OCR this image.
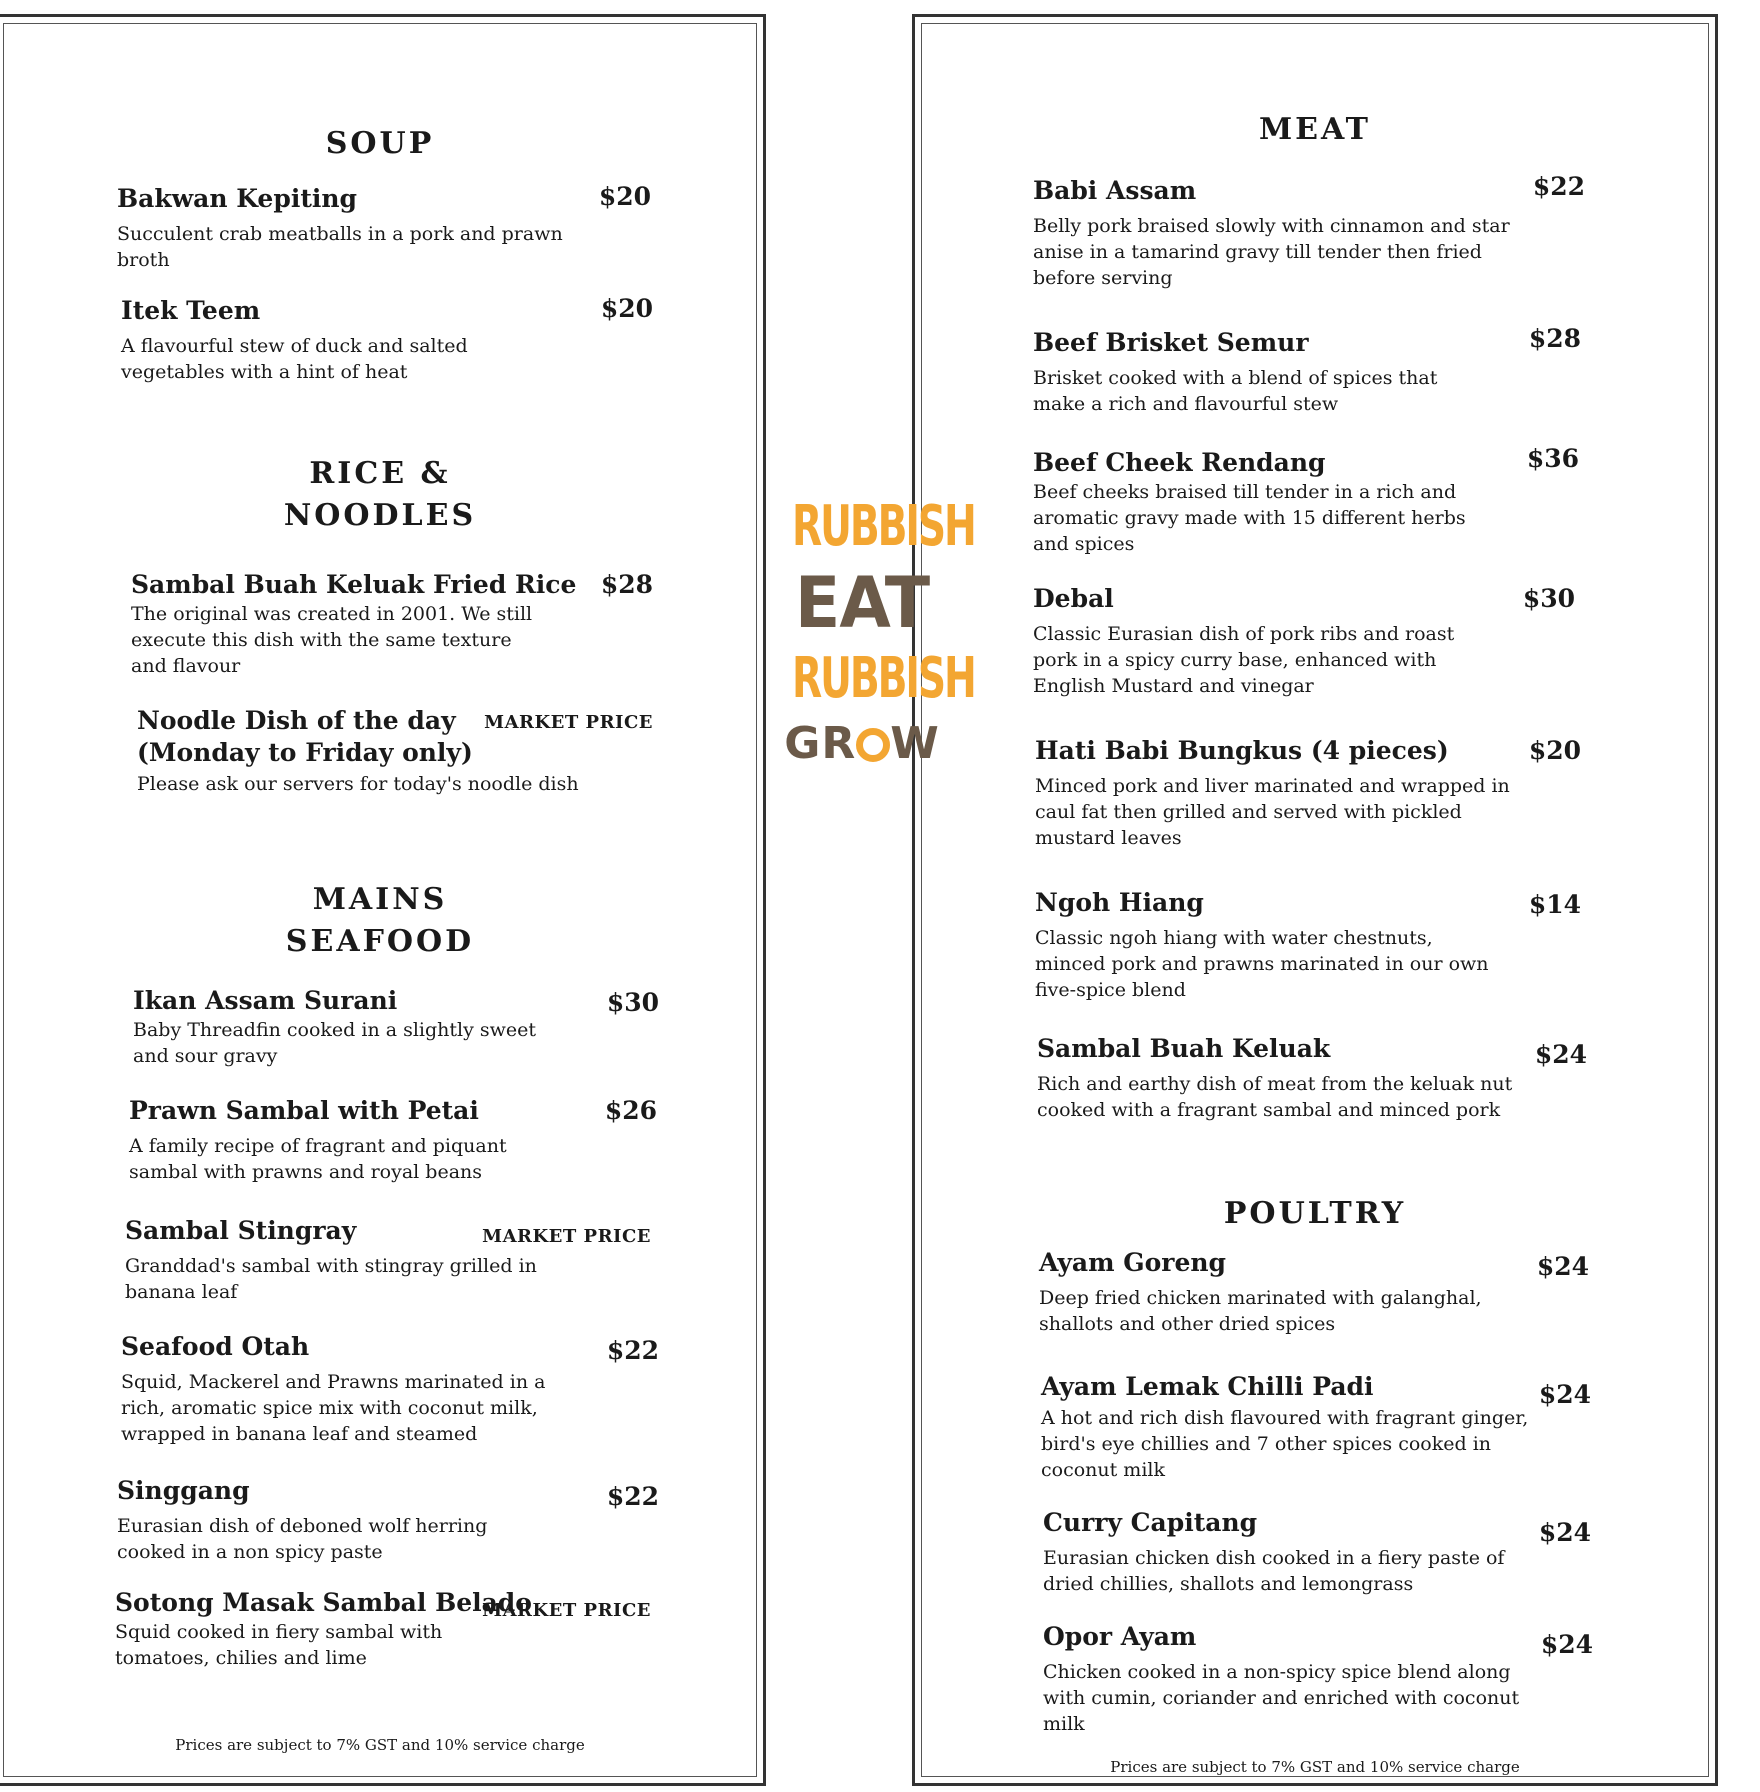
SOUP
Bakwan Kepiting
Succulent crab meatballs in a pork and prawn broth
$20
Itek Teem
A flavourful stew of duck and salted vegetables with a hint of heat
$20
RICE &
NOODLES
Sambal Buah Keluak Fried Rice
The original was created in 2001. We still execute this dish with the same texture and flavour
$28
Noodle Dish of the day
(Monday to Friday only)
Please ask our servers for today's noodle dish
MARKET PRICE
MAINS
SEAFOOD
Ikan Assam Surani
Baby Threadfin cooked in a slightly sweet and sour gravy
$30
Prawn Sambal with Petai
A family recipe of fragrant and piquant sambal with prawns and royal beans
$26
Sambal Stingray
Granddad's sambal with stingray grilled in banana leaf
MARKET PRICE
Seafood Otah
Squid, Mackerel and Prawns marinated in a rich, aromatic spice mix with coconut milk, wrapped in banana leaf and steamed
$22
Singgang
Eurasian dish of deboned wolf herring cooked in a non spicy paste
$22
Sotong Masak Sambal Belado
Squid cooked in fiery sambal with tomatoes, chilies and lime
MARKET PRICE
Prices are subject to 7% GST and 10% service charge
MEAT
Babi Assam
Belly pork braised slowly with cinnamon and star anise in a tamarind gravy till tender then fried before serving
$22
Beef Brisket Semur
Brisket cooked with a blend of spices that make a rich and flavourful stew
$28
Beef Cheek Rendang
Beef cheeks braised till tender in a rich and aromatic gravy made with 15 different herbs and spices
$36
Debal
Classic Eurasian dish of pork ribs and roast pork in a spicy curry base, enhanced with English Mustard and vinegar
$30
Hati Babi Bungkus (4 pieces)
Minced pork and liver marinated and wrapped in caul fat then grilled and served with pickled mustard leaves
$20
Ngoh Hiang
Classic ngoh hiang with water chestnuts, minced pork and prawns marinated in our own five-spice blend
$14
Sambal Buah Keluak
Rich and earthy dish of meat from the keluak nut cooked with a fragrant sambal and minced pork
$24
POULTRY
Ayam Goreng
Deep fried chicken marinated with galanghal, shallots and other dried spices
$24
Ayam Lemak Chilli Padi
A hot and rich dish flavoured with fragrant ginger, bird's eye chillies and 7 other spices cooked in coconut milk
$24
Curry Capitang
Eurasian chicken dish cooked in a fiery paste of dried chillies, shallots and lemongrass
$24
Opor Ayam
Chicken cooked in a non-spicy spice blend along with cumin, coriander and enriched with coconut milk
$24
Prices are subject to 7% GST and 10% service charge
RUBBISH
EAT
RUBBISH
GR W
